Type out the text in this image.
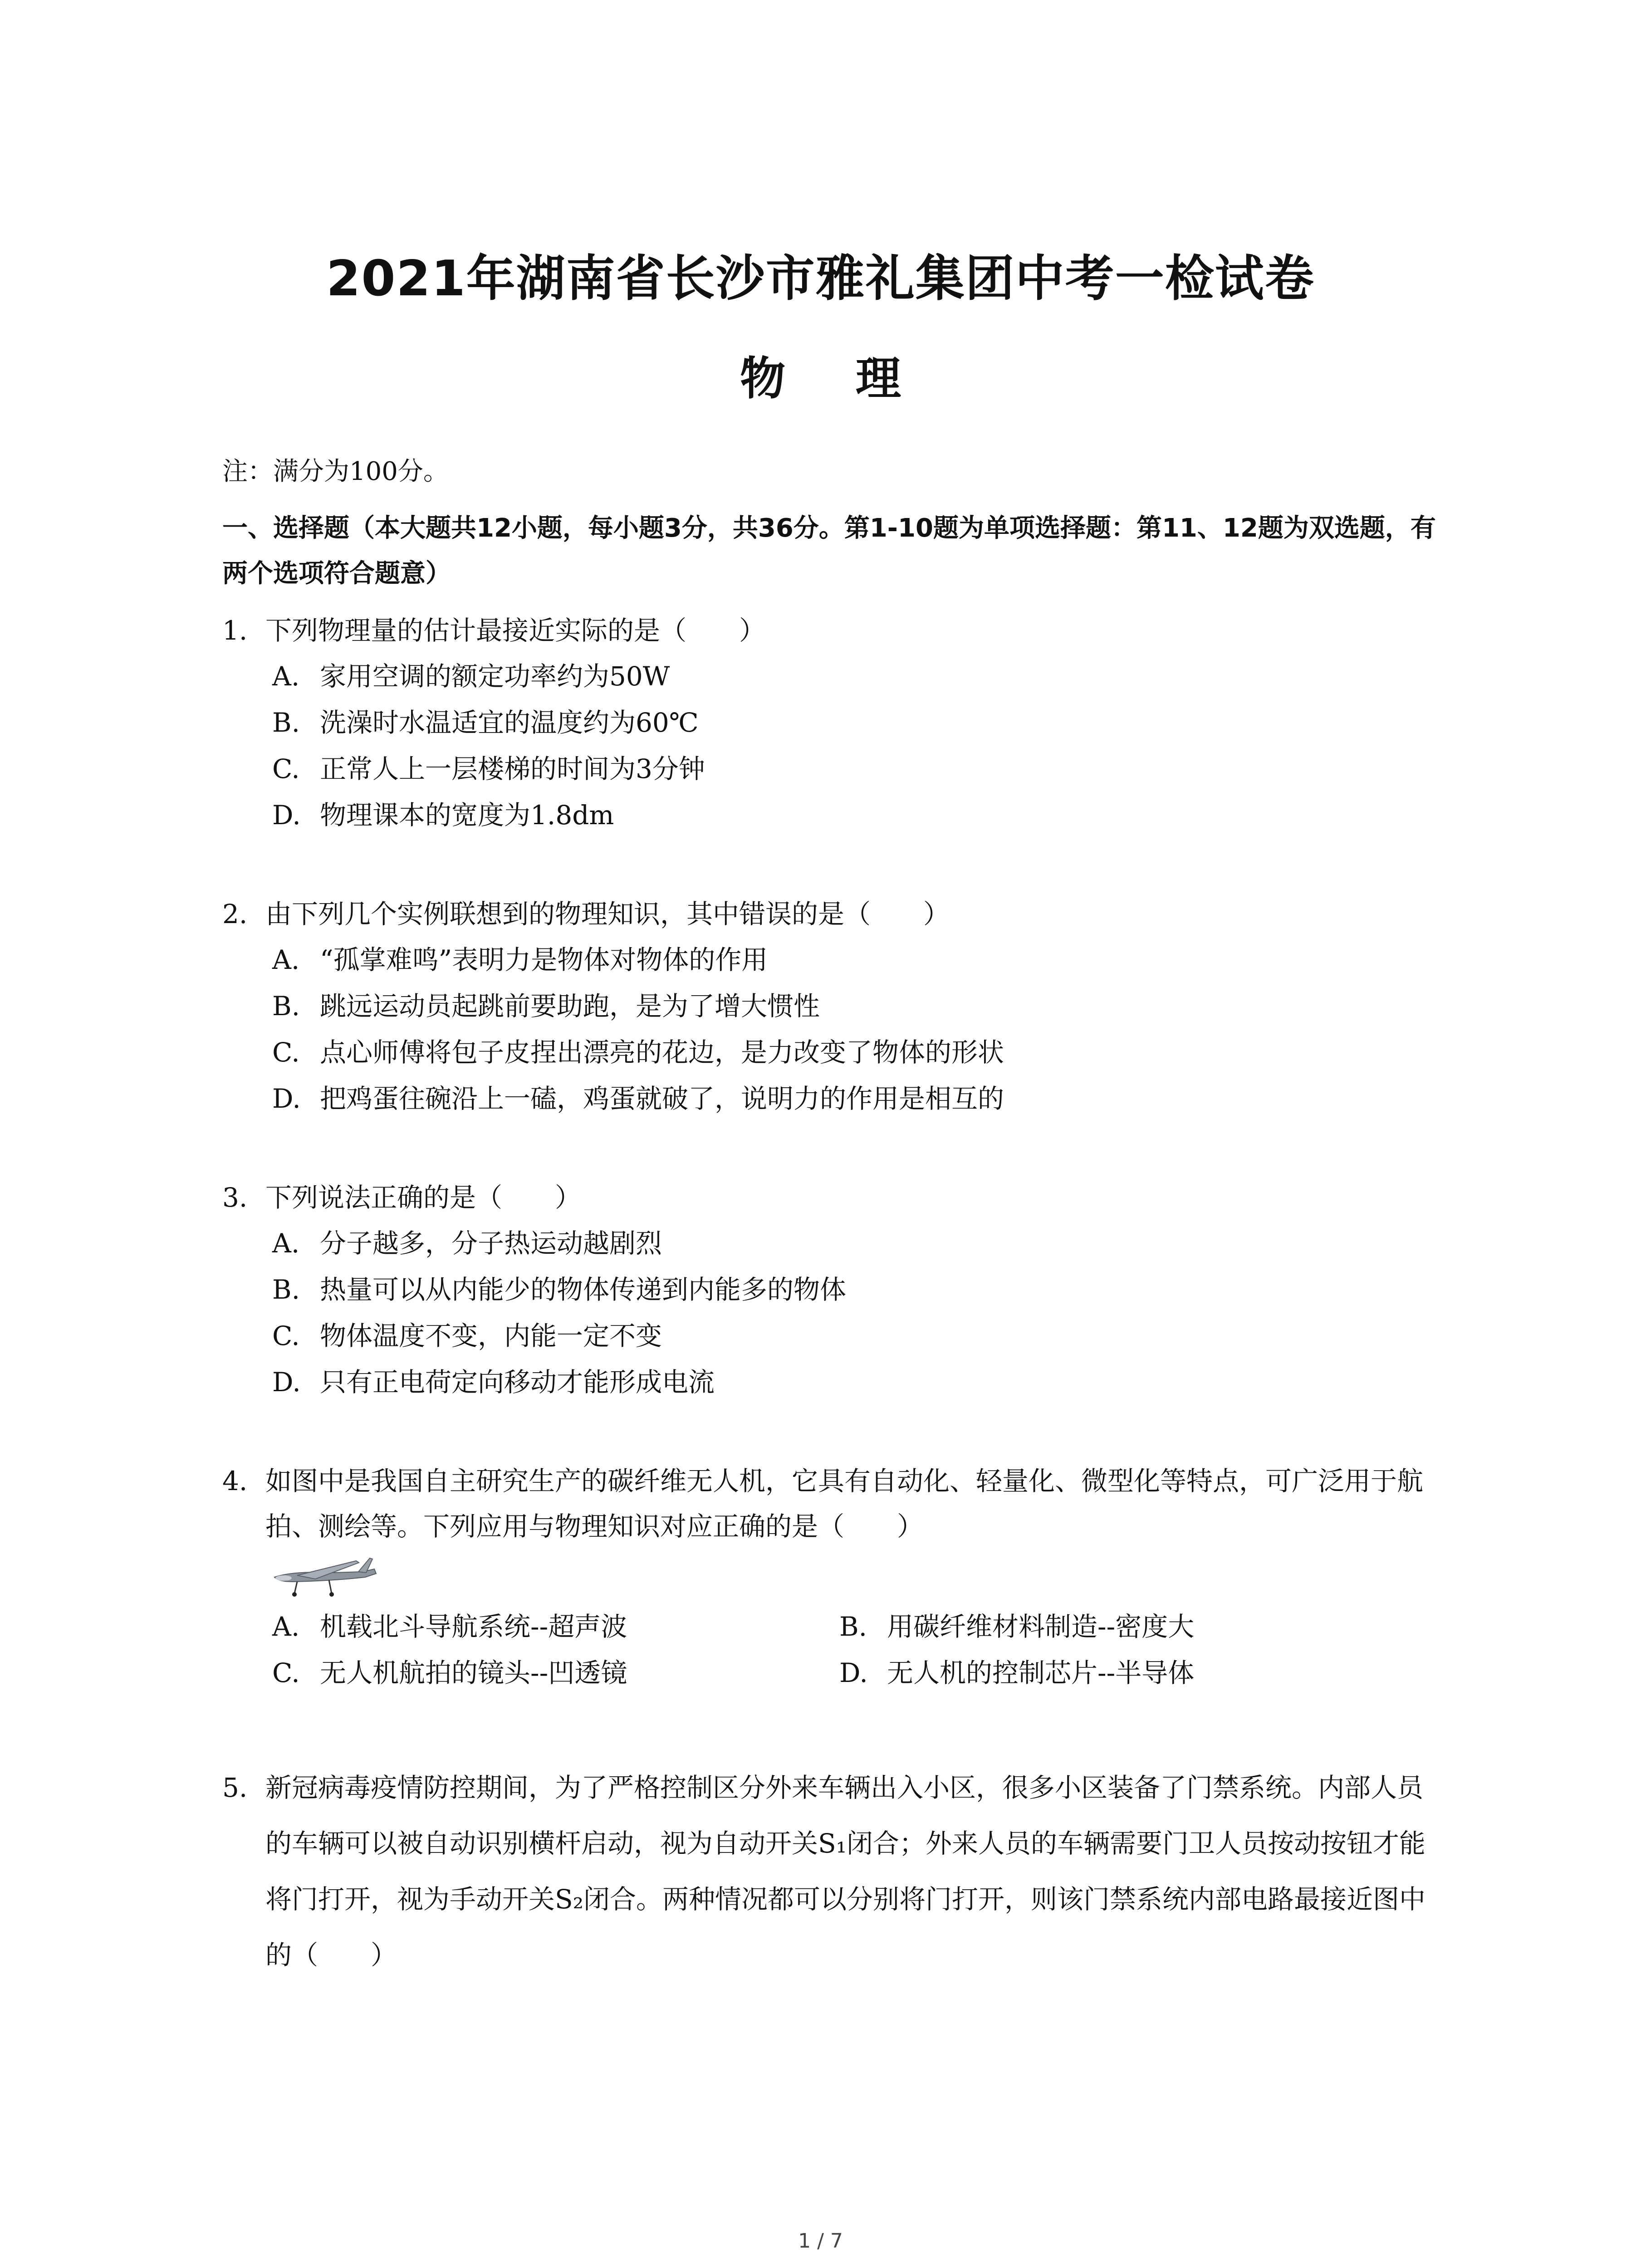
2021年湖南省长沙市雅礼集团中考一检试卷
物 理
注：满分为100分。
一、选择题（本大题共12小题，每小题3分，共36分。第1-10题为单项选择题：第11、12题为双选题，有两个选项符合题意）
1. 下列物理量的估计最接近实际的是（　　）
A. 家用空调的额定功率约为50W
B. 洗澡时水温适宜的温度约为60℃
C. 正常人上一层楼梯的时间为3分钟
D. 物理课本的宽度为1.8dm
2. 由下列几个实例联想到的物理知识，其中错误的是（　　）
A. “孤掌难鸣”表明力是物体对物体的作用
B. 跳远运动员起跳前要助跑，是为了增大惯性
C. 点心师傅将包子皮捏出漂亮的花边，是力改变了物体的形状
D. 把鸡蛋往碗沿上一磕，鸡蛋就破了，说明力的作用是相互的
3. 下列说法正确的是（　　）
A. 分子越多，分子热运动越剧烈
B. 热量可以从内能少的物体传递到内能多的物体
C. 物体温度不变，内能一定不变
D. 只有正电荷定向移动才能形成电流
4. 如图中是我国自主研究生产的碳纤维无人机，它具有自动化、轻量化、微型化等特点，可广泛用于航拍、测绘等。下列应用与物理知识对应正确的是（　　）
A. 机载北斗导航系统--超声波	B. 用碳纤维材料制造--密度大
C. 无人机航拍的镜头--凹透镜	D. 无人机的控制芯片--半导体
5. 新冠病毒疫情防控期间，为了严格控制区分外来车辆出入小区，很多小区装备了门禁系统。内部人员的车辆可以被自动识别横杆启动，视为自动开关S₁闭合；外来人员的车辆需要门卫人员按动按钮才能将门打开，视为手动开关S₂闭合。两种情况都可以分别将门打开，则该门禁系统内部电路最接近图中的（　　）
1 / 7
